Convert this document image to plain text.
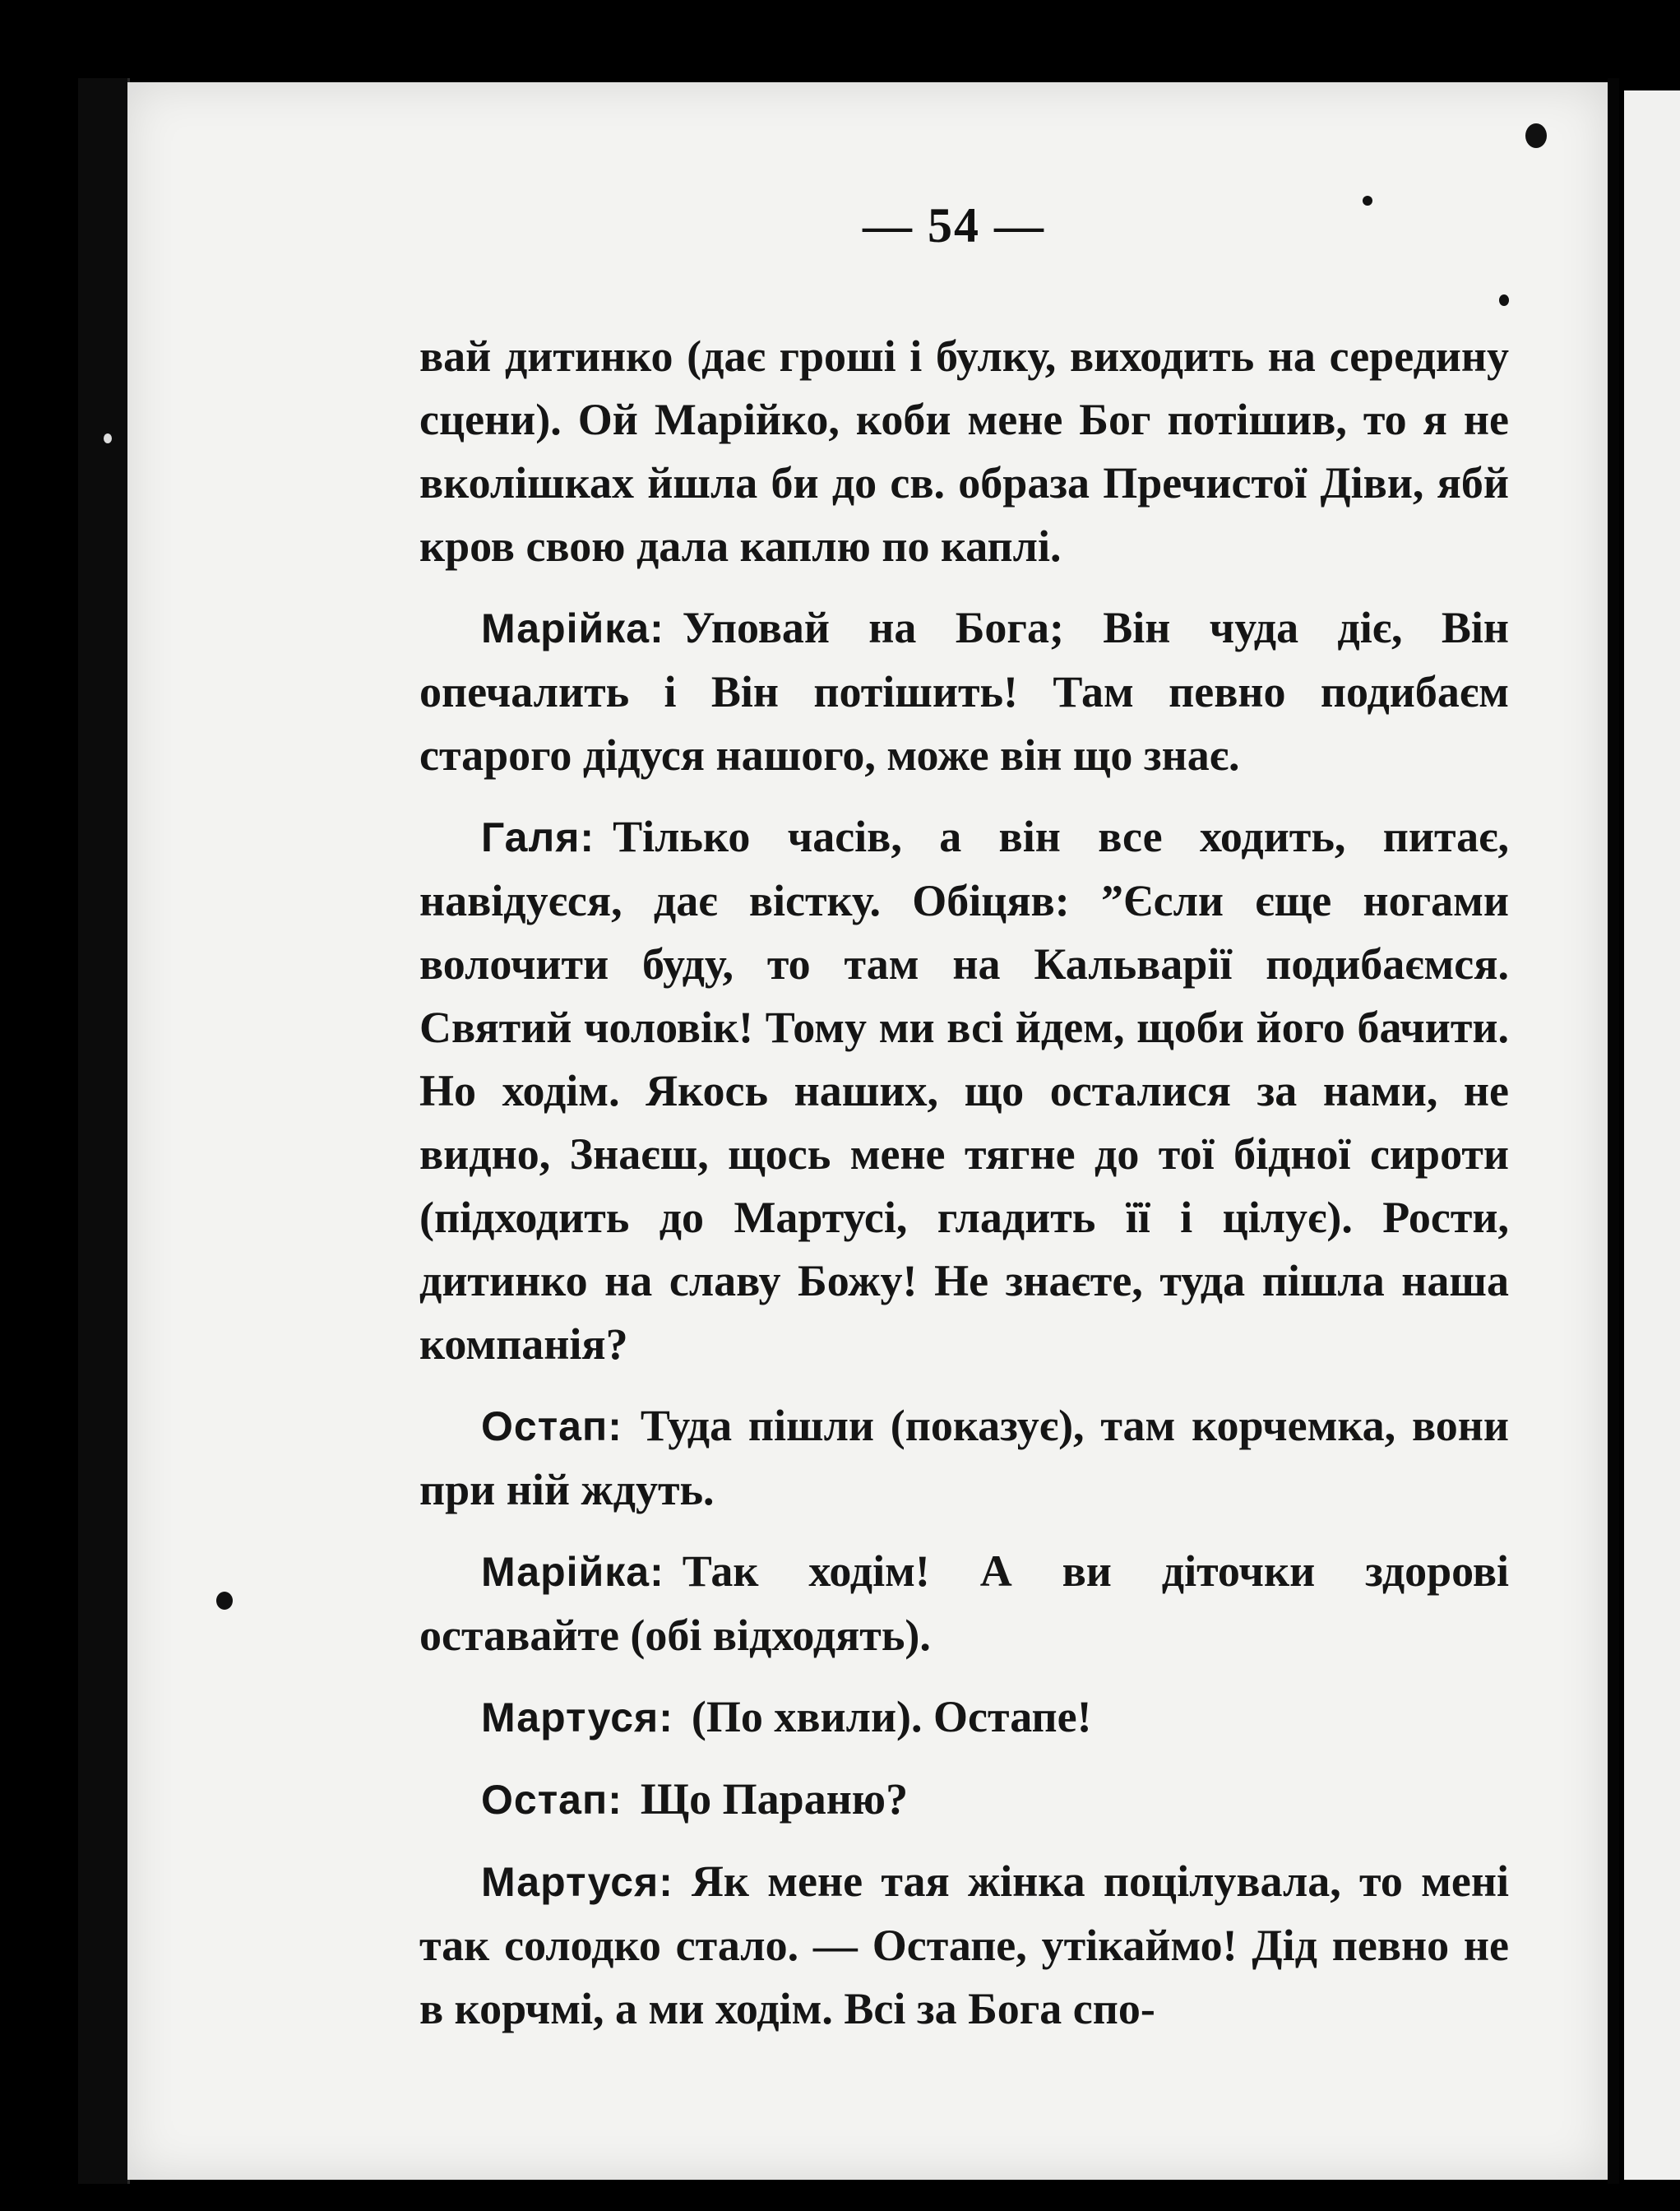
— 54 —

вай дитинко (дає гроші і булку, виходить на середину сцени). Ой Марійко, коби мене Бог потішив, то я не вколішках йшла би до св. образа Пречистої Діви, ябй кров свою дала каплю по каплі.

Марійка: Уповай на Бога; Він чуда діє, Він опечалить і Він потішить! Там певно подибаєм старого дідуся нашого, може він що знає.

Галя: Тілько часів, а він все ходить, питає, навідуєся, дає вістку. Обіцяв: ”Єсли єще ногами волочити буду, то там на Кальварії подибаємся. Святий чоловік! Тому ми всі йдем, щоби його бачити. Но ходім. Якось наших, що осталися за нами, не видно, Знаєш, щось мене тягне до тої бідної сироти (підходить до Мартусі, гладить її і цілує). Рости, дитинко на славу Божу! Не знаєте, туда пішла наша компанія?

Остап: Туда пішли (показує), там корчемка, вони при ній ждуть.

Марійка: Так ходім! А ви діточки здорові оставайте (обі відходять).

Мартуся: (По хвили). Остапе!

Остап: Що Параню?

Мартуся: Як мене тая жінка поцілувала, то мені так солодко стало. — Остапе, утікаймо! Дід певно не в корчмі, а ми ходім. Всі за Бога спо-
